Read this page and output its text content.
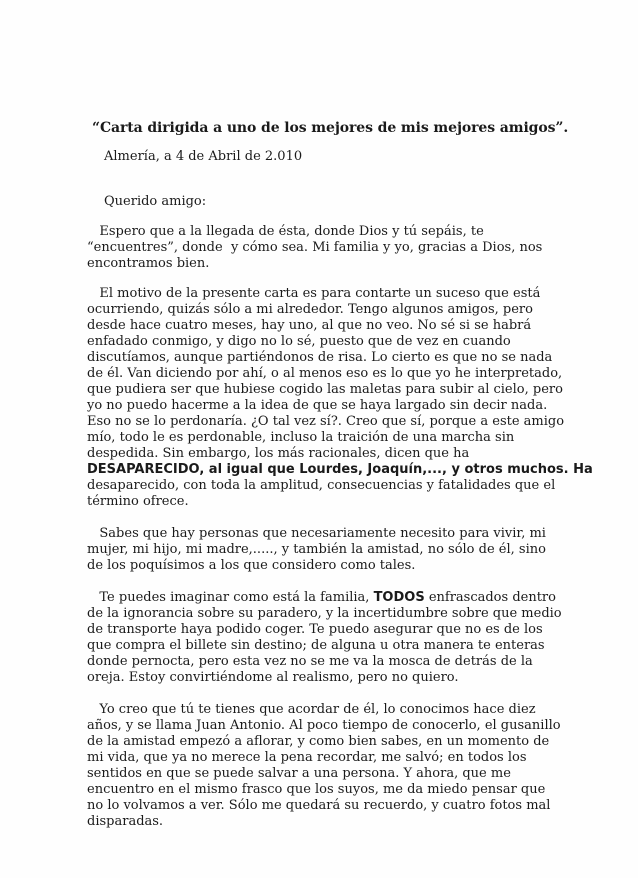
“Carta dirigida a uno de los mejores de mis mejores amigos”.
Almería, a 4 de Abril de 2.010
Querido amigo:
Espero que a la llegada de ésta, donde Dios y tú sepáis, te
“encuentres”, donde  y cómo sea. Mi familia y yo, gracias a Dios, nos
encontramos bien.
El motivo de la presente carta es para contarte un suceso que está
ocurriendo, quizás sólo a mi alrededor. Tengo algunos amigos, pero
desde hace cuatro meses, hay uno, al que no veo. No sé si se habrá
enfadado conmigo, y digo no lo sé, puesto que de vez en cuando
discutíamos, aunque partiéndonos de risa. Lo cierto es que no se nada
de él. Van diciendo por ahí, o al menos eso es lo que yo he interpretado,
que pudiera ser que hubiese cogido las maletas para subir al cielo, pero
yo no puedo hacerme a la idea de que se haya largado sin decir nada.
Eso no se lo perdonaría. ¿O tal vez sí?. Creo que sí, porque a este amigo
mío, todo le es perdonable, incluso la traición de una marcha sin
despedida. Sin embargo, los más racionales, dicen que ha
DESAPARECIDO, al igual que Lourdes, Joaquín,..., y otros muchos. Ha
desaparecido, con toda la amplitud, consecuencias y fatalidades que el
término ofrece.
Sabes que hay personas que necesariamente necesito para vivir, mi
mujer, mi hijo, mi madre,....., y también la amistad, no sólo de él, sino
de los poquísimos a los que considero como tales.
Te puedes imaginar como está la familia, TODOS enfrascados dentro
de la ignorancia sobre su paradero, y la incertidumbre sobre que medio
de transporte haya podido coger. Te puedo asegurar que no es de los
que compra el billete sin destino; de alguna u otra manera te enteras
donde pernocta, pero esta vez no se me va la mosca de detrás de la
oreja. Estoy convirtiéndome al realismo, pero no quiero.
Yo creo que tú te tienes que acordar de él, lo conocimos hace diez
años, y se llama Juan Antonio. Al poco tiempo de conocerlo, el gusanillo
de la amistad empezó a aflorar, y como bien sabes, en un momento de
mi vida, que ya no merece la pena recordar, me salvó; en todos los
sentidos en que se puede salvar a una persona. Y ahora, que me
encuentro en el mismo frasco que los suyos, me da miedo pensar que
no lo volvamos a ver. Sólo me quedará su recuerdo, y cuatro fotos mal
disparadas.
